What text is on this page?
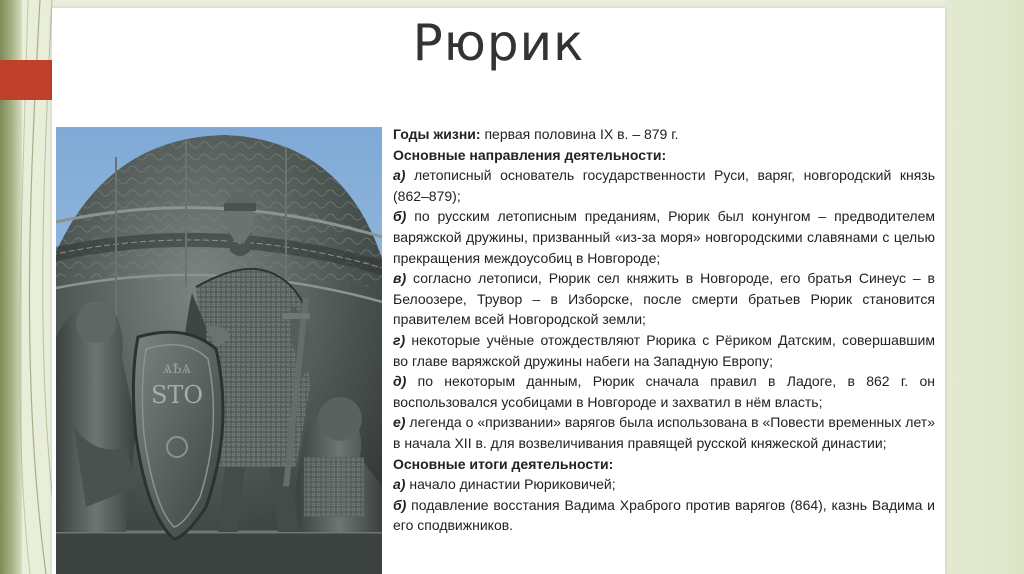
Рюрик
ѦҌѦ
SΤO

Годы жизни: первая половина IX в. – 879 г.

Основные направления деятельности:

а) летописный основатель государственности Руси, варяг, новгородский князь (862–879);

б) по русским летописным преданиям, Рюрик был конунгом – предводителем варяжской дружины, призванный «из-за моря» новгородскими славянами с целью прекращения междоусобиц в Новгороде;

в) согласно летописи, Рюрик сел княжить в Новгороде, его братья Синеус – в Белоозере, Трувор – в Изборске, после смерти братьев Рюрик становится правителем всей Новгородской земли;

г) некоторые учёные отождествляют Рюрика с Рёриком Датским, совершавшим во главе варяжской дружины набеги на Западную Европу;

д) по некоторым данным, Рюрик сначала правил в Ладоге, в 862 г. он воспользовался усобицами в Новгороде и захватил в нём власть;

е) легенда о «призвании» варягов была использована в «Повести временных лет» в начала XII в. для возвеличивания правящей русской княжеской династии;

Основные итоги деятельности:

а) начало династии Рюриковичей;

б) подавление восстания Вадима Храброго против варягов (864), казнь Вадима и его сподвижников.
